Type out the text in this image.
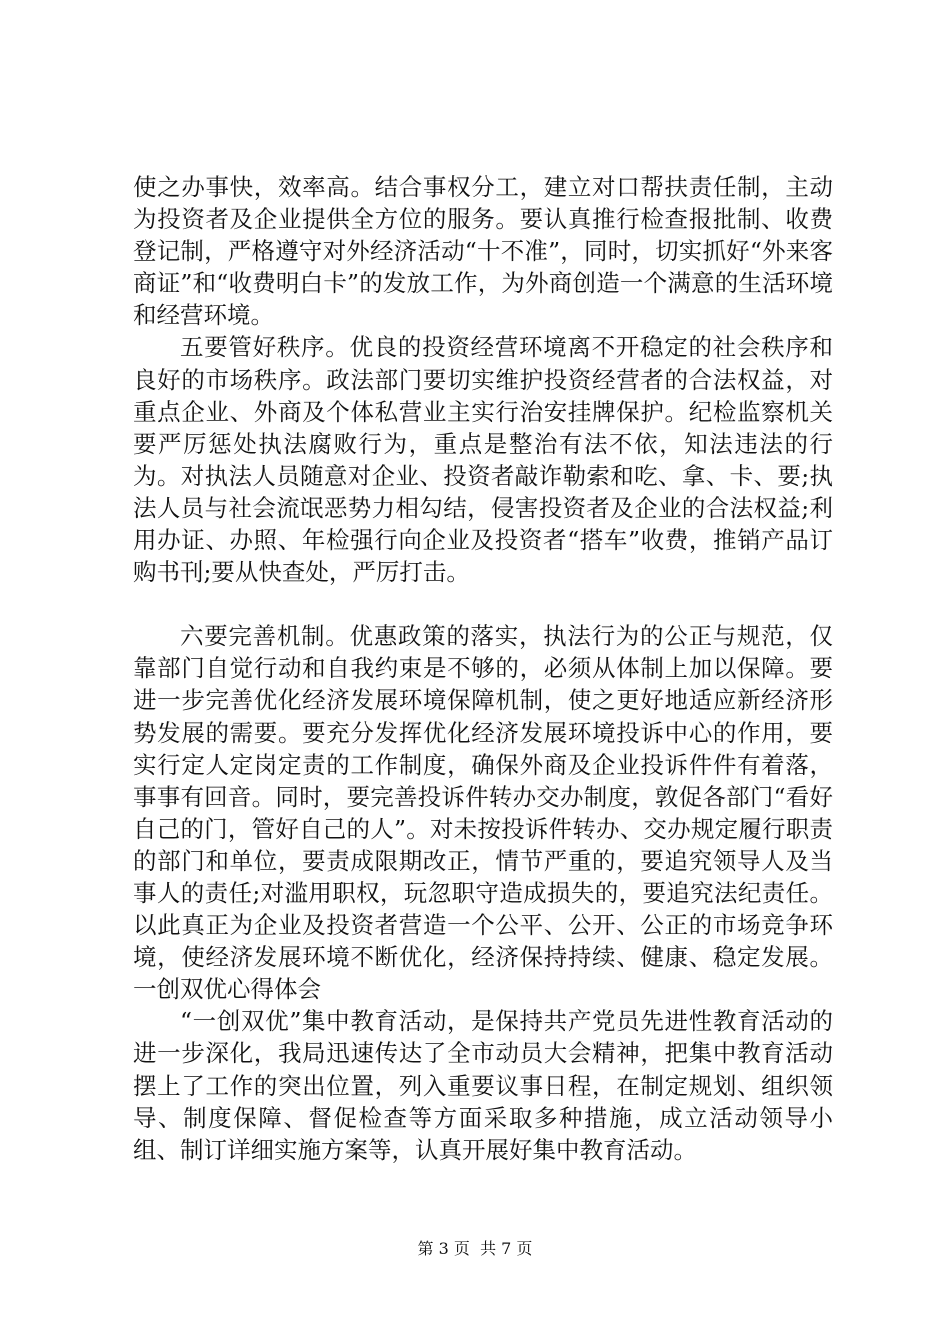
使之办事快，效率高。结合事权分工，建立对口帮扶责任制，主动为投资者及企业提供全方位的服务。要认真推行检查报批制、收费登记制，严格遵守对外经济活动“十不准”，同时，切实抓好“外来客商证”和“收费明白卡”的发放工作，为外商创造一个满意的生活环境和经营环境。

五要管好秩序。优良的投资经营环境离不开稳定的社会秩序和良好的市场秩序。政法部门要切实维护投资经营者的合法权益，对重点企业、外商及个体私营业主实行治安挂牌保护。纪检监察机关要严厉惩处执法腐败行为，重点是整治有法不依，知法违法的行为。对执法人员随意对企业、投资者敲诈勒索和吃、拿、卡、要;执法人员与社会流氓恶势力相勾结，侵害投资者及企业的合法权益;利用办证、办照、年检强行向企业及投资者“搭车”收费，推销产品订购书刊;要从快查处，严厉打击。

六要完善机制。优惠政策的落实，执法行为的公正与规范，仅靠部门自觉行动和自我约束是不够的，必须从体制上加以保障。要进一步完善优化经济发展环境保障机制，使之更好地适应新经济形势发展的需要。要充分发挥优化经济发展环境投诉中心的作用，要实行定人定岗定责的工作制度，确保外商及企业投诉件件有着落，事事有回音。同时，要完善投诉件转办交办制度，敦促各部门“看好自己的门，管好自己的人”。对未按投诉件转办、交办规定履行职责的部门和单位，要责成限期改正，情节严重的，要追究领导人及当事人的责任;对滥用职权，玩忽职守造成损失的，要追究法纪责任。以此真正为企业及投资者营造一个公平、公开、公正的市场竞争环境，使经济发展环境不断优化，经济保持持续、健康、稳定发展。一创双优心得体会

“一创双优”集中教育活动，是保持共产党员先进性教育活动的进一步深化，我局迅速传达了全市动员大会精神，把集中教育活动摆上了工作的突出位置，列入重要议事日程，在制定规划、组织领导、制度保障、督促检查等方面采取多种措施，成立活动领导小组、制订详细实施方案等，认真开展好集中教育活动。

第 3 页  共 7 页
